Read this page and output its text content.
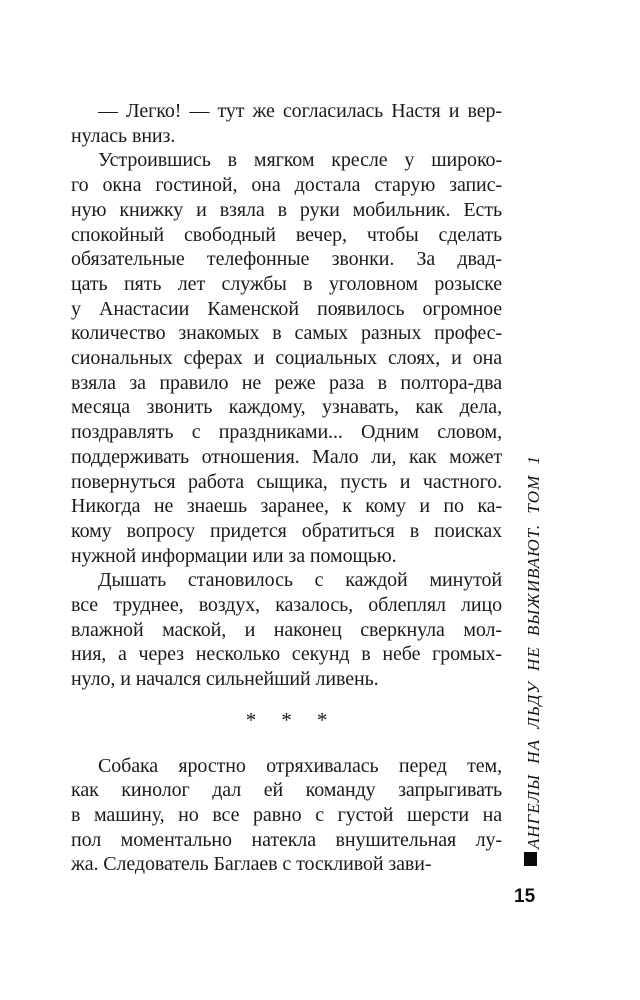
— Легко! — тут же согласилась Настя и вер-
нулась вниз.
Устроившись в мягком кресле у широко-
го окна гостиной, она достала старую запис-
ную книжку и взяла в руки мобильник. Есть
спокойный свободный вечер, чтобы сделать
обязательные телефонные звонки. За двад-
цать пять лет службы в уголовном розыске
у Анастасии Каменской появилось огромное
количество знакомых в самых разных профес-
сиональных сферах и социальных слоях, и она
взяла за правило не реже раза в полтора-два
месяца звонить каждому, узнавать, как дела,
поздравлять с праздниками... Одним словом,
поддерживать отношения. Мало ли, как может
повернуться работа сыщика, пусть и частного.
Никогда не знаешь заранее, к кому и по ка-
кому вопросу придется обратиться в поисках
нужной информации или за помощью.
Дышать становилось с каждой минутой
все труднее, воздух, казалось, облеплял лицо
влажной маской, и наконец сверкнула мол-
ния, а через несколько секунд в небе громых-
нуло, и начался сильнейший ливень.
* * *
Собака яростно отряхивалась перед тем,
как кинолог дал ей команду запрыгивать
в машину, но все равно с густой шерсти на
пол моментально натекла внушительная лу-
жа. Следователь Баглаев с тоскливой зави-
АНГЕЛЫ НА ЛЬДУ НЕ ВЫЖИВАЮТ. ТОМ 1
15
